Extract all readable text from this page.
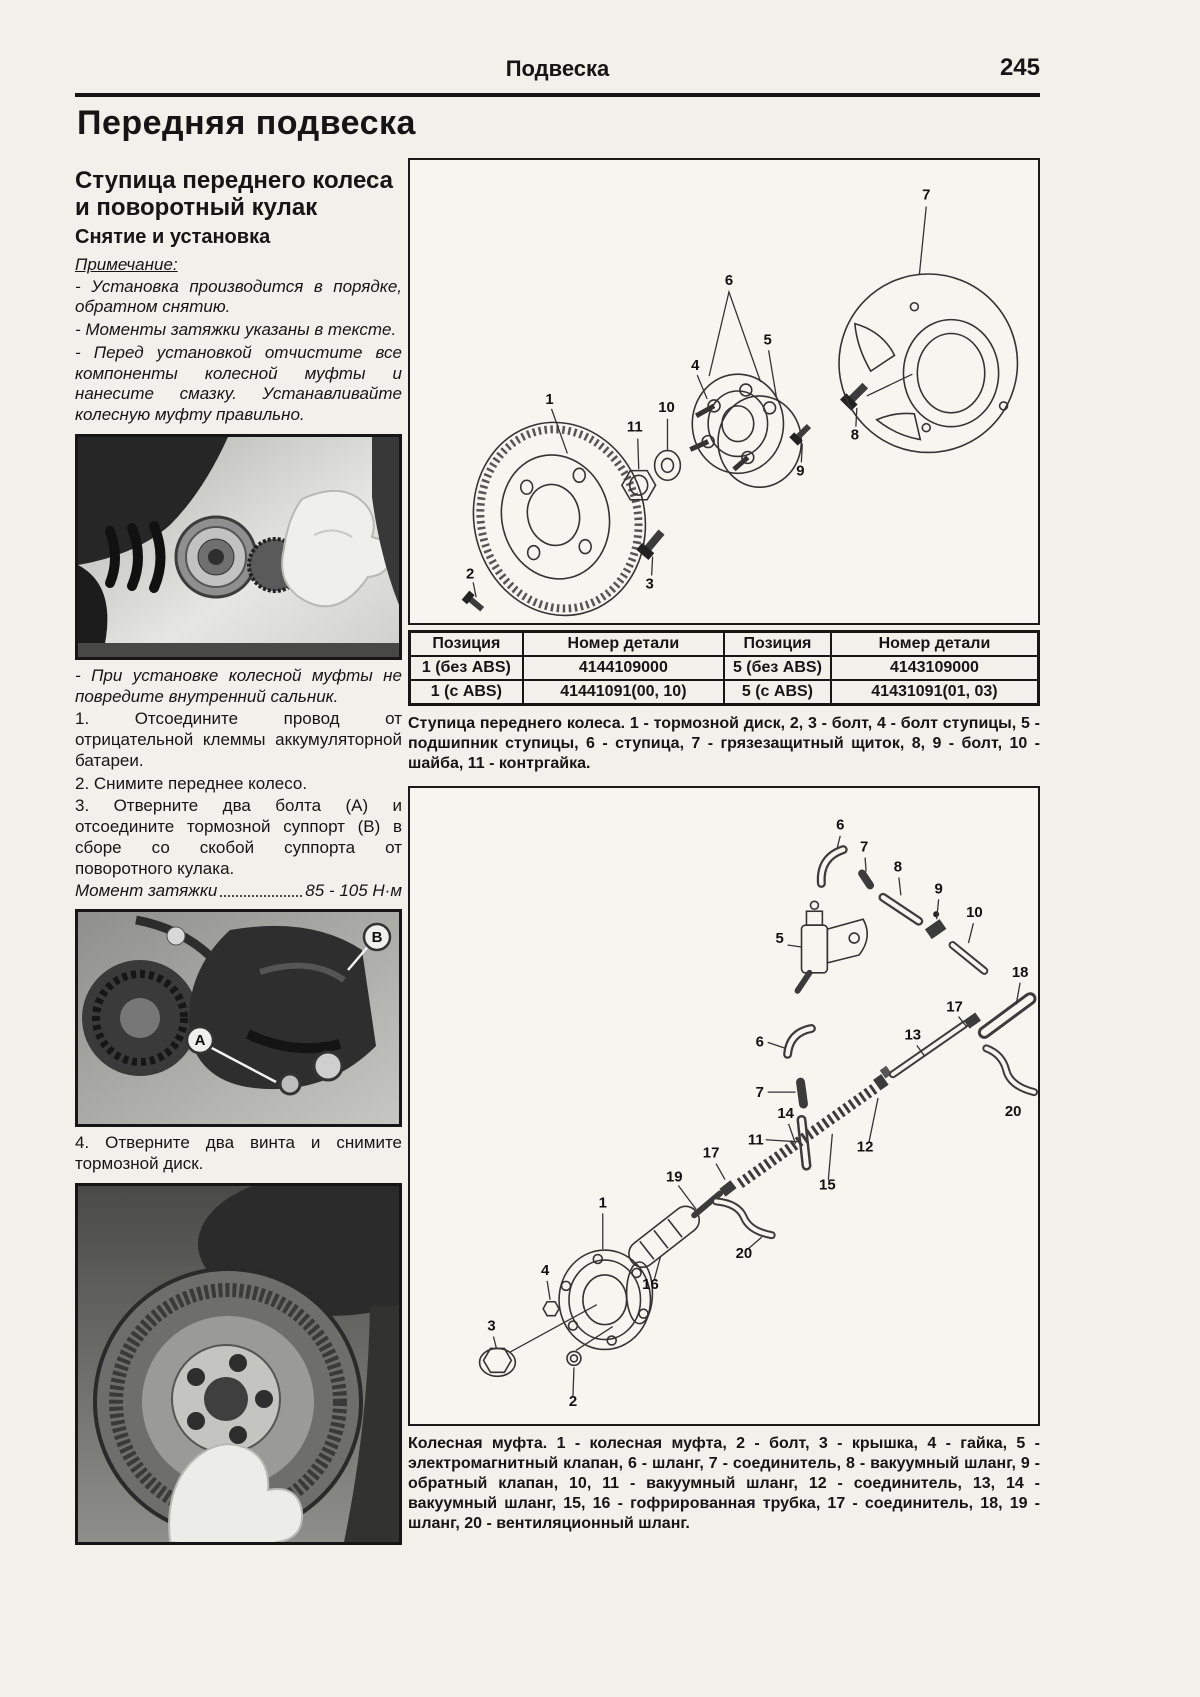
Подвеска	245
Передняя подвеска
Ступица переднего колеса и поворотный кулак
Снятие и установка

Примечание:

- Установка производится в порядке, обратном снятию.

- Моменты затяжки указаны в тексте.

- Перед установкой отчистите все компоненты колесной муфты и нанесите смазку. Устанавливайте колесную муфту правильно.

- При установке колесной муфты не повредите внутренний сальник.

1. Отсоедините провод от отрицательной клеммы аккумуляторной батареи.

2. Снимите переднее колесо.

3. Отверните два болта (А) и отсоедините тормозной суппорт (В) в сборе со скобой суппорта от поворотного кулака.

Момент затяжки	85 - 105 Н·м
А
В

4. Отверните два винта и снимите тормозной диск.

1
2
3
4
5
6
7
8
9
10
11
Позиция	Номер детали	Позиция	Номер детали
1 (без ABS)	4144109000	5 (без ABS)	4143109000
1 (с ABS)	41441091(00, 10)	5 (с ABS)	41431091(01, 03)

Ступица переднего колеса. 1 - тормозной диск, 2, 3 - болт, 4 - болт ступицы, 5 - подшипник ступицы, 6 - ступица, 7 - грязезащитный щиток, 8, 9 - болт, 10 - шайба, 11 - контргайка.

6
7
8
9
10
5
6
7
11
13
17
18
20
12
14
15
17
19
16
20
1
4
3
2

Колесная муфта. 1 - колесная муфта, 2 - болт, 3 - крышка, 4 - гайка, 5 - электромагнитный клапан, 6 - шланг, 7 - соединитель, 8 - вакуумный шланг, 9 - обратный клапан, 10, 11 - вакуумный шланг, 12 - соединитель, 13, 14 - вакуумный шланг, 15, 16 - гофрированная трубка, 17 - соединитель, 18, 19 - шланг, 20 - вентиляционный шланг.
